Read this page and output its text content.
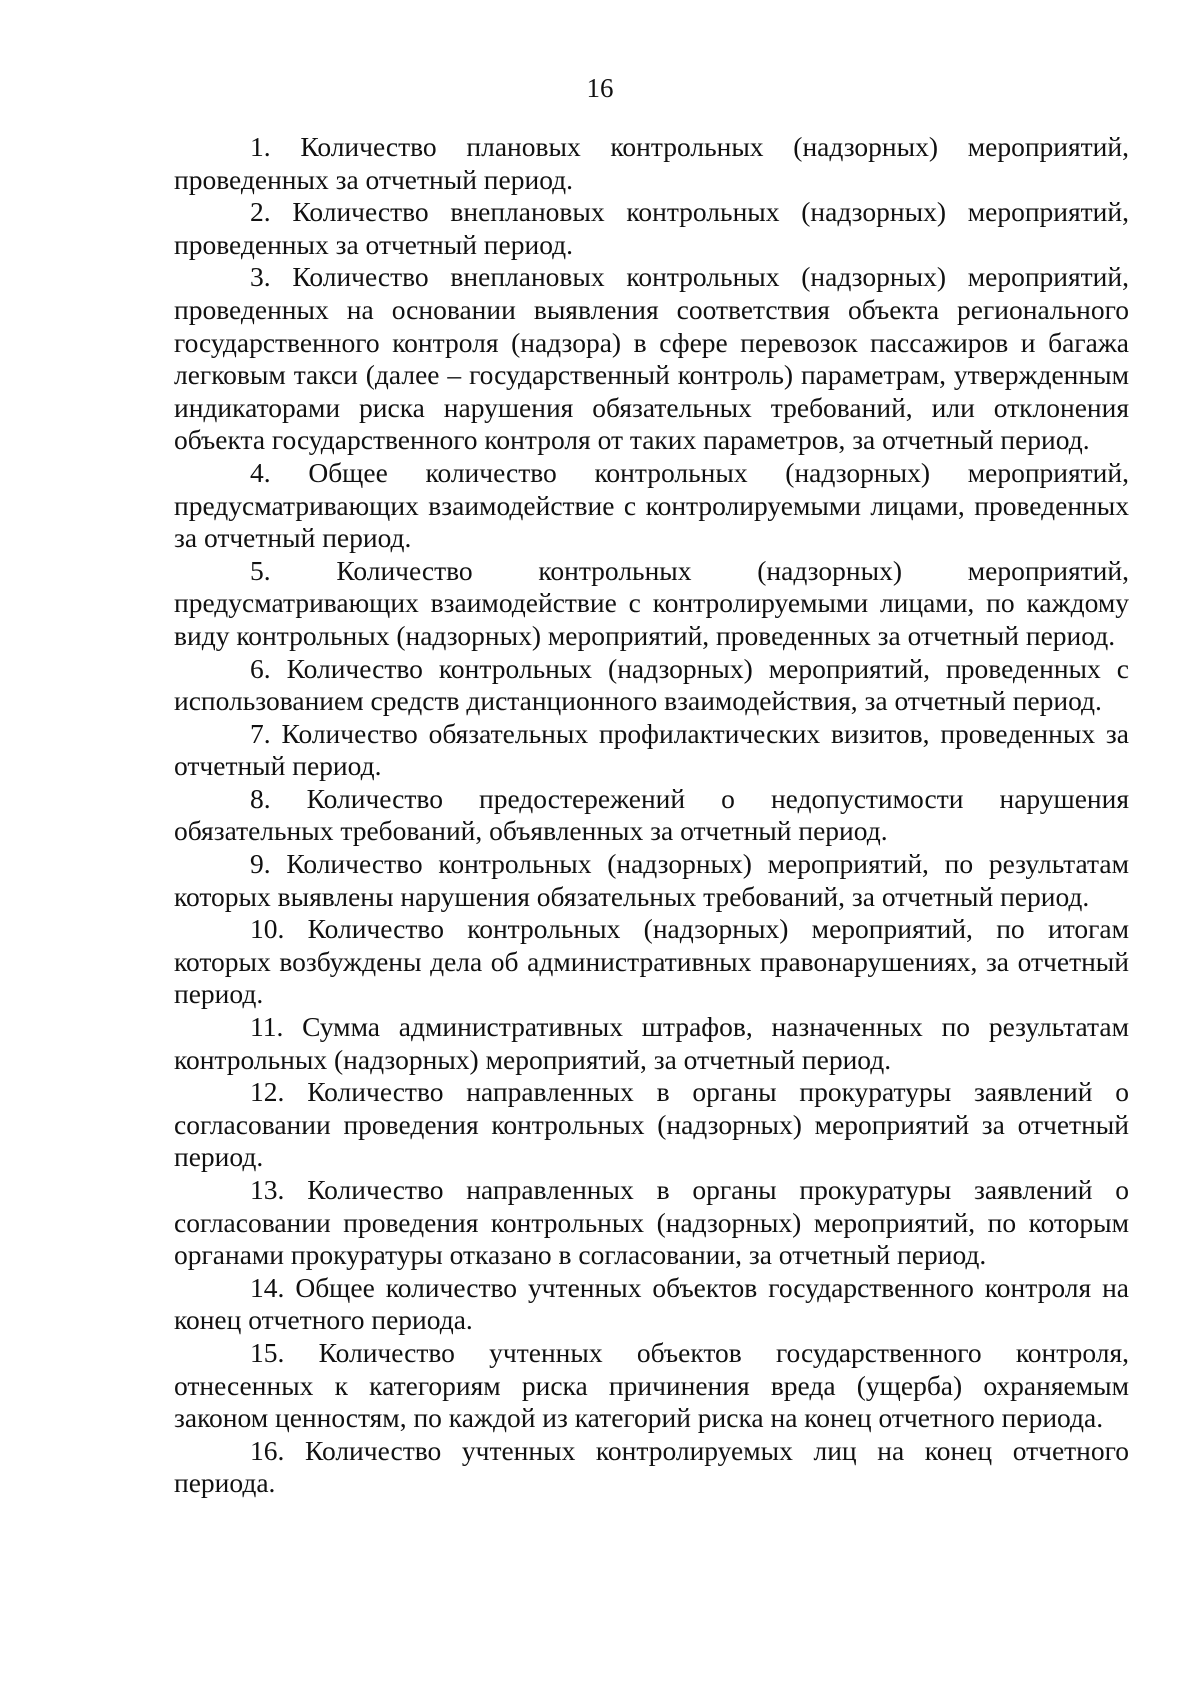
16

1. Количество плановых контрольных (надзорных) мероприятий, проведенных за отчетный период.

2. Количество внеплановых контрольных (надзорных) мероприятий, проведенных за отчетный период.

3. Количество внеплановых контрольных (надзорных) мероприятий, проведенных на основании выявления соответствия объекта регионального государственного контроля (надзора) в сфере перевозок пассажиров и багажа легковым такси (далее – государственный контроль) параметрам, утвержденным индикаторами риска нарушения обязательных требований, или отклонения объекта государственного контроля от таких параметров, за отчетный период.

4. Общее количество контрольных (надзорных) мероприятий, предусматривающих взаимодействие с контролируемыми лицами, проведенных за отчетный период.

5. Количество контрольных (надзорных) мероприятий, предусматривающих взаимодействие с контролируемыми лицами, по каждому виду контрольных (надзорных) мероприятий, проведенных за отчетный период.

6. Количество контрольных (надзорных) мероприятий, проведенных с использованием средств дистанционного взаимодействия, за отчетный период.

7. Количество обязательных профилактических визитов, проведенных за отчетный период.

8. Количество предостережений о недопустимости нарушения обязательных требований, объявленных за отчетный период.

9. Количество контрольных (надзорных) мероприятий, по результатам которых выявлены нарушения обязательных требований, за отчетный период.

10. Количество контрольных (надзорных) мероприятий, по итогам которых возбуждены дела об административных правонарушениях, за отчетный период.

11. Сумма административных штрафов, назначенных по результатам контрольных (надзорных) мероприятий, за отчетный период.

12. Количество направленных в органы прокуратуры заявлений о согласовании проведения контрольных (надзорных) мероприятий за отчетный период.

13. Количество направленных в органы прокуратуры заявлений о согласовании проведения контрольных (надзорных) мероприятий, по которым органами прокуратуры отказано в согласовании, за отчетный период.

14. Общее количество учтенных объектов государственного контроля на конец отчетного периода.

15. Количество учтенных объектов государственного контроля, отнесенных к категориям риска причинения вреда (ущерба) охраняемым законом ценностям, по каждой из категорий риска на конец отчетного периода.

16. Количество учтенных контролируемых лиц на конец отчетного периода.
